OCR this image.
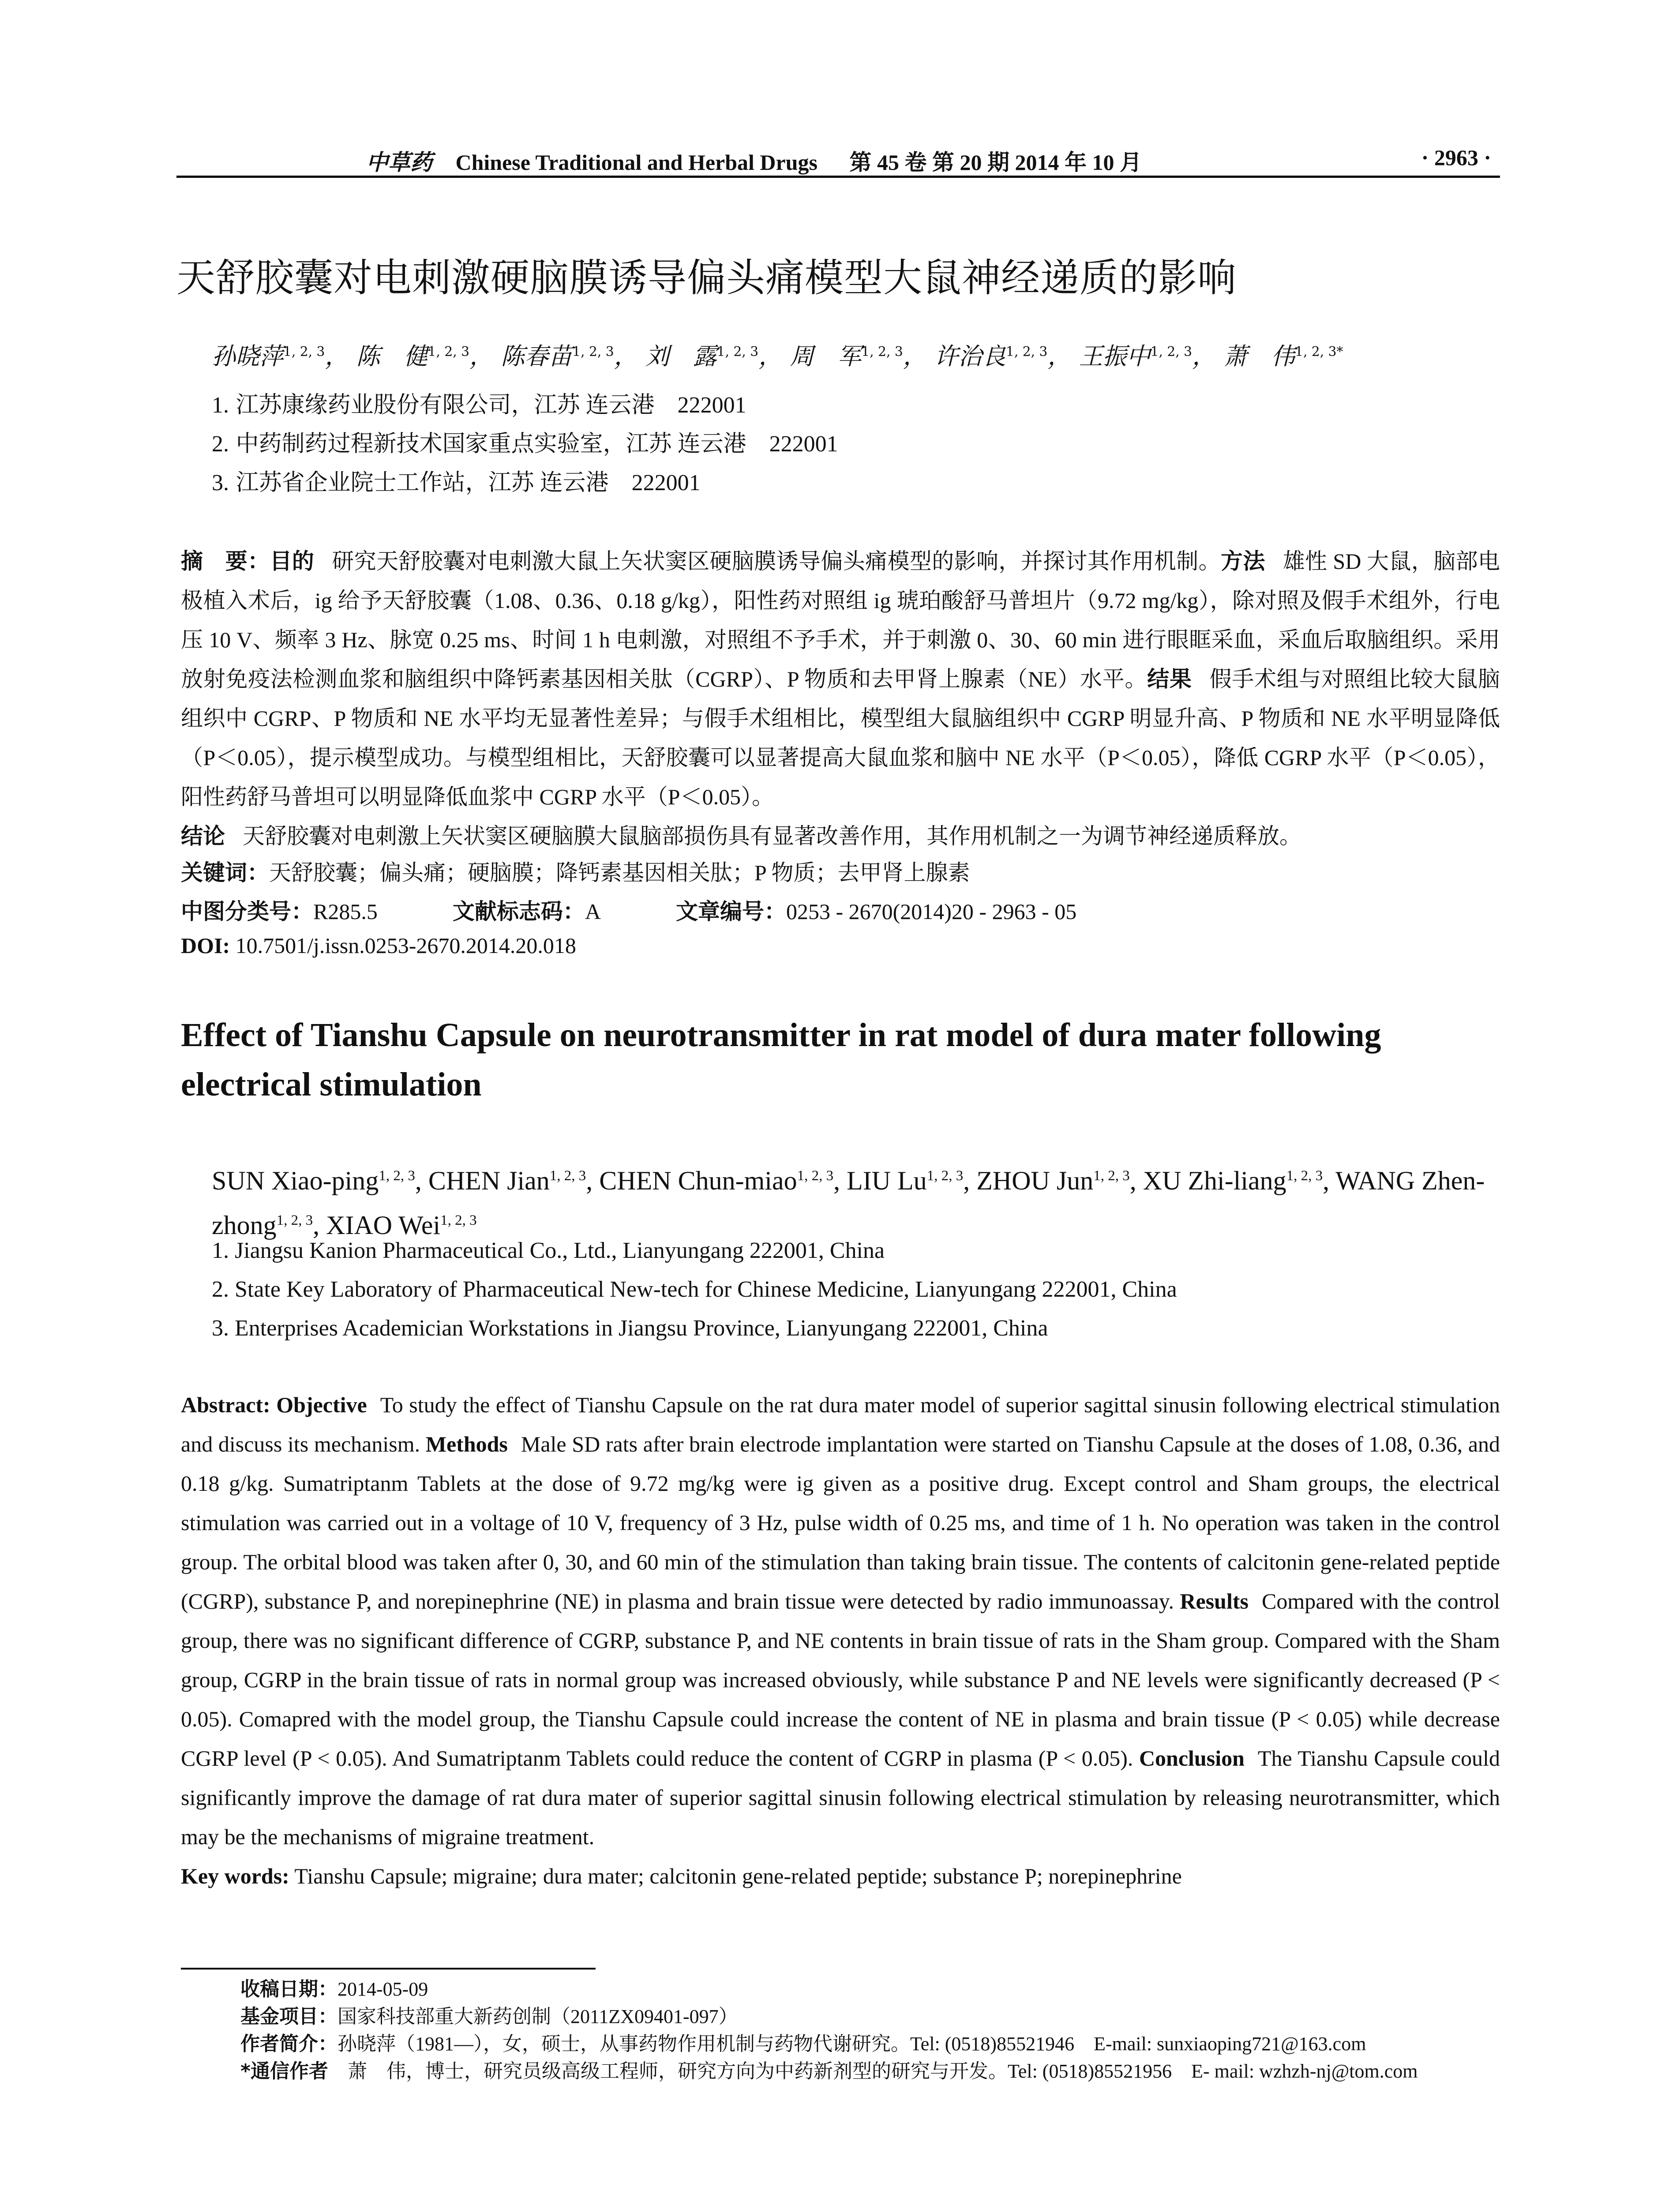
中草药 Chinese Traditional and Herbal Drugs 第 45 卷 第 20 期 2014 年 10 月	· 2963 ·
天舒胶囊对电刺激硬脑膜诱导偏头痛模型大鼠神经递质的影响
孙晓萍$^{1, 2, 3}$， 陈　健$^{1, 2, 3}$， 陈春苗$^{1, 2, 3}$， 刘　露$^{1, 2, 3}$， 周　军$^{1, 2, 3}$， 许治良$^{1, 2, 3}$， 王振中$^{1, 2, 3}$， 萧　伟$^{1, 2, 3*}$
1. 江苏康缘药业股份有限公司，江苏 连云港　222001
2. 中药制药过程新技术国家重点实验室，江苏 连云港　222001
3. 江苏省企业院士工作站，江苏 连云港　222001
摘　要：目的 研究天舒胶囊对电刺激大鼠上矢状窦区硬脑膜诱导偏头痛模型的影响，并探讨其作用机制。方法 雄性 SD 大鼠，脑部电极植入术后，ig 给予天舒胶囊（1.08、0.36、0.18 g/kg），阳性药对照组 ig 琥珀酸舒马普坦片（9.72 mg/kg），除对照及假手术组外，行电压 10 V、频率 3 Hz、脉宽 0.25 ms、时间 1 h 电刺激，对照组不予手术，并于刺激 0、30、60 min 进行眼眶采血，采血后取脑组织。采用放射免疫法检测血浆和脑组织中降钙素基因相关肽（CGRP）、P 物质和去甲肾上腺素（NE）水平。结果 假手术组与对照组比较大鼠脑组织中 CGRP、P 物质和 NE 水平均无显著性差异；与假手术组相比，模型组大鼠脑组织中 CGRP 明显升高、P 物质和 NE 水平明显降低（P＜0.05），提示模型成功。与模型组相比，天舒胶囊可以显著提高大鼠血浆和脑中 NE 水平（P＜0.05），降低 CGRP 水平（P＜0.05），阳性药舒马普坦可以明显降低血浆中 CGRP 水平（P＜0.05）。
结论 天舒胶囊对电刺激上矢状窦区硬脑膜大鼠脑部损伤具有显著改善作用，其作用机制之一为调节神经递质释放。
关键词：天舒胶囊；偏头痛；硬脑膜；降钙素基因相关肽；P 物质；去甲肾上腺素
中图分类号：R285.5	文献标志码：A	文章编号：0253 - 2670(2014)20 - 2963 - 05
DOI: 10.7501/j.issn.0253-2670.2014.20.018
Effect of Tianshu Capsule on neurotransmitter in rat model of dura mater following electrical stimulation
SUN Xiao-ping$^{1, 2, 3}$, CHEN Jian$^{1, 2, 3}$, CHEN Chun-miao$^{1, 2, 3}$, LIU Lu$^{1, 2, 3}$, ZHOU Jun$^{1, 2, 3}$, XU Zhi-liang$^{1, 2, 3}$, WANG Zhen-zhong$^{1, 2, 3}$, XIAO Wei$^{1, 2, 3}$
1. Jiangsu Kanion Pharmaceutical Co., Ltd., Lianyungang 222001, China
2. State Key Laboratory of Pharmaceutical New-tech for Chinese Medicine, Lianyungang 222001, China
3. Enterprises Academician Workstations in Jiangsu Province, Lianyungang 222001, China
Abstract: Objective To study the effect of Tianshu Capsule on the rat dura mater model of superior sagittal sinusin following electrical stimulation and discuss its mechanism. Methods Male SD rats after brain electrode implantation were started on Tianshu Capsule at the doses of 1.08, 0.36, and 0.18 g/kg. Sumatriptanm Tablets at the dose of 9.72 mg/kg were ig given as a positive drug. Except control and Sham groups, the electrical stimulation was carried out in a voltage of 10 V, frequency of 3 Hz, pulse width of 0.25 ms, and time of 1 h. No operation was taken in the control group. The orbital blood was taken after 0, 30, and 60 min of the stimulation than taking brain tissue. The contents of calcitonin gene-related peptide (CGRP), substance P, and norepinephrine (NE) in plasma and brain tissue were detected by radio immunoassay. Results Compared with the control group, there was no significant difference of CGRP, substance P, and NE contents in brain tissue of rats in the Sham group. Compared with the Sham group, CGRP in the brain tissue of rats in normal group was increased obviously, while substance P and NE levels were significantly decreased (P < 0.05). Comapred with the model group, the Tianshu Capsule could increase the content of NE in plasma and brain tissue (P < 0.05) while decrease CGRP level (P < 0.05). And Sumatriptanm Tablets could reduce the content of CGRP in plasma (P < 0.05). Conclusion The Tianshu Capsule could significantly improve the damage of rat dura mater of superior sagittal sinusin following electrical stimulation by releasing neurotransmitter, which may be the mechanisms of migraine treatment.
Key words: Tianshu Capsule; migraine; dura mater; calcitonin gene-related peptide; substance P; norepinephrine
收稿日期：2014-05-09
基金项目：国家科技部重大新药创制（2011ZX09401-097）
作者简介：孙晓萍（1981—），女，硕士，从事药物作用机制与药物代谢研究。Tel: (0518)85521946　E-mail: sunxiaoping721@163.com
*通信作者　 萧　伟，博士，研究员级高级工程师，研究方向为中药新剂型的研究与开发。Tel: (0518)85521956　E- mail: wzhzh-nj@tom.com
